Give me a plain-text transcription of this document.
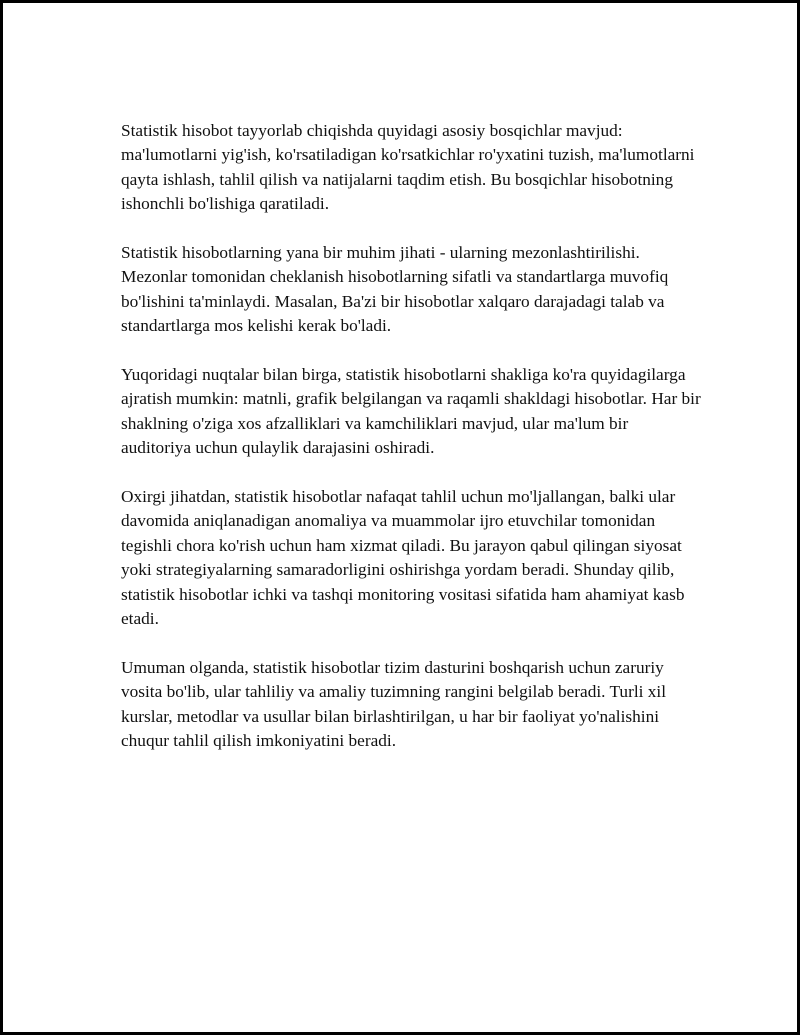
Statistik hisobot tayyorlab chiqishda quyidagi asosiy bosqichlar mavjud: ma'lumotlarni yig'ish, ko'rsatiladigan ko'rsatkichlar ro'yxatini tuzish, ma'lumotlarni qayta ishlash, tahlil qilish va natijalarni taqdim etish. Bu bosqichlar hisobotning ishonchli bo'lishiga qaratiladi.

Statistik hisobotlarning yana bir muhim jihati - ularning mezonlashtirilishi. Mezonlar tomonidan cheklanish hisobotlarning sifatli va standartlarga muvofiq bo'lishini ta'minlaydi. Masalan, Ba'zi bir hisobotlar xalqaro darajadagi talab va standartlarga mos kelishi kerak bo'ladi.

Yuqoridagi nuqtalar bilan birga, statistik hisobotlarni shakliga ko'ra quyidagilarga ajratish mumkin: matnli, grafik belgilangan va raqamli shakldagi hisobotlar. Har bir shaklning o'ziga xos afzalliklari va kamchiliklari mavjud, ular ma'lum bir auditoriya uchun qulaylik darajasini oshiradi.

Oxirgi jihatdan, statistik hisobotlar nafaqat tahlil uchun mo'ljallangan, balki ular davomida aniqlanadigan anomaliya va muammolar ijro etuvchilar tomonidan tegishli chora ko'rish uchun ham xizmat qiladi. Bu jarayon qabul qilingan siyosat yoki strategiyalarning samaradorligini oshirishga yordam beradi. Shunday qilib, statistik hisobotlar ichki va tashqi monitoring vositasi sifatida ham ahamiyat kasb etadi.

Umuman olganda, statistik hisobotlar tizim dasturini boshqarish uchun zaruriy vosita bo'lib, ular tahliliy va amaliy tuzimning rangini belgilab beradi. Turli xil kurslar, metodlar va usullar bilan birlashtirilgan, u har bir faoliyat yo'nalishini chuqur tahlil qilish imkoniyatini beradi.
